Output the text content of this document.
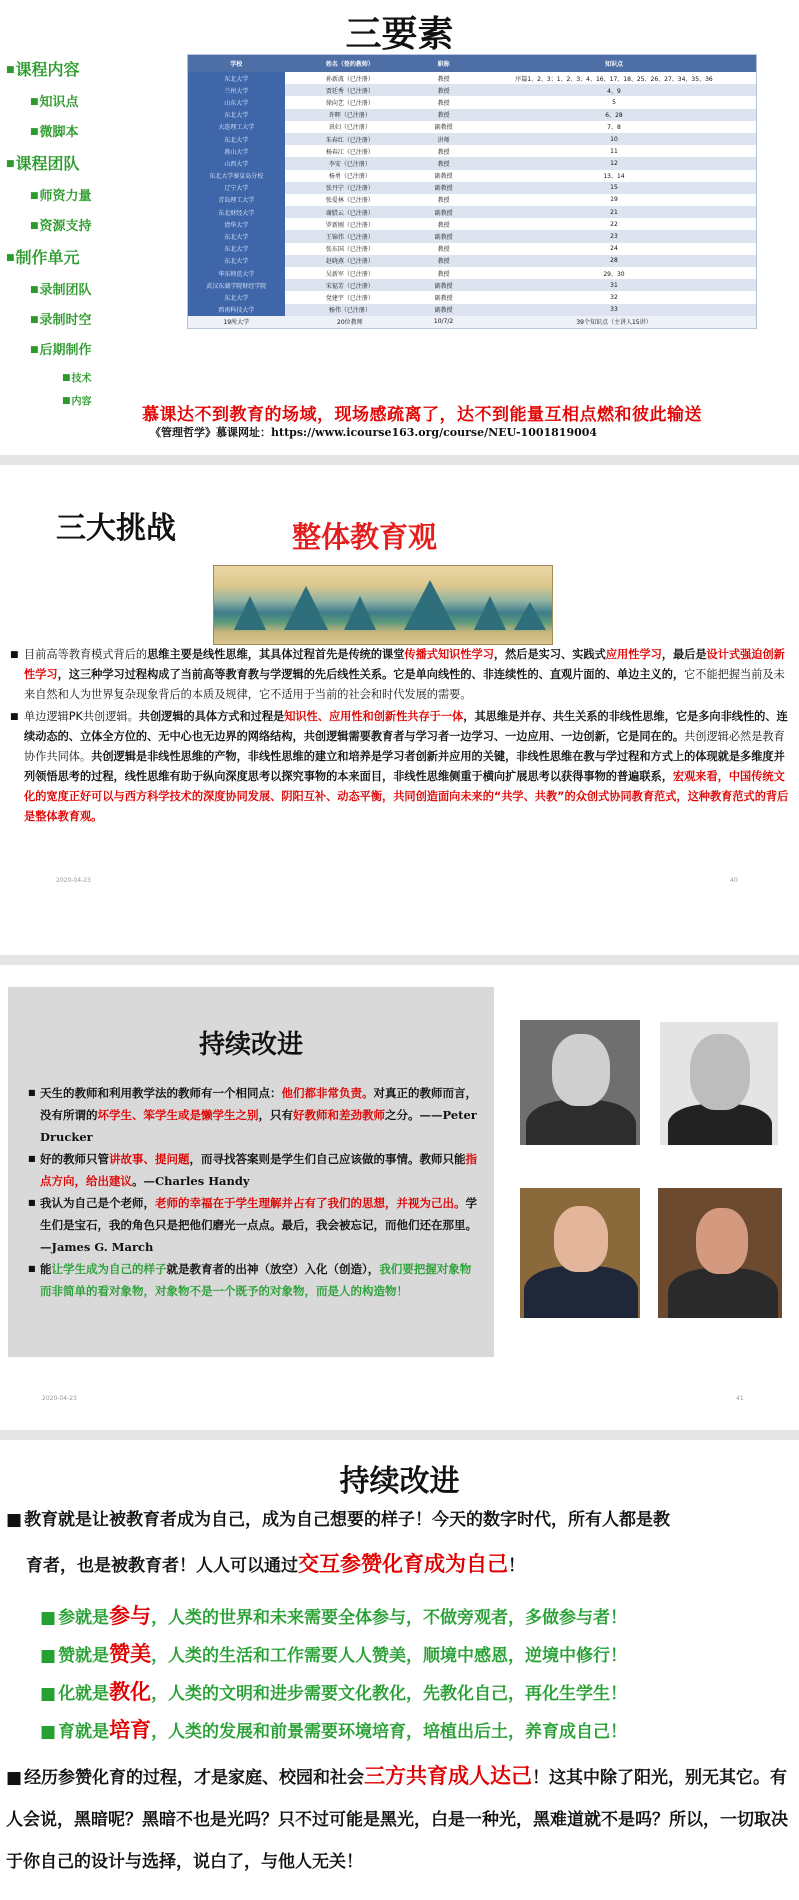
三要素
■ 课程内容
■ 知识点
■ 微脚本
■ 课程团队
■ 师资力量
■ 资源支持
■ 制作单元
■ 录制团队
■ 录制时空
■ 后期制作
■ 技术
■ 内容
学校	姓名（签约教师）	职称	知识点
东北大学	孙新波（已注册）	教授	序篇1、2、3；1、2、3、4、16、17、18、25、26、27、34、35、36
兰州大学	贾廷秀（已注册）	教授	4、9
山东大学	徐向艺（已注册）	教授	5
东北大学	许晖（已注册）	教授	6、28
大连理工大学	讯妇（已注册）	副教授	7、8
东北大学	朱春红（已注册）	讲师	10
燕山大学	杨春江（已注册）	教授	11
山西大学	李安（已注册）	教授	12
东北大学秦皇岛分校	杨勇（已注册）	副教授	13、14
辽宁大学	张丹宁（已注册）	副教授	15
青岛理工大学	张爱林（已注册）	教授	19
东北财经大学	谢腊云（已注册）	副教授	21
清华大学	罗新刚（已注册）	教授	22
东北大学	王锦伟（已注册）	副教授	23
东北大学	张东国（已注册）	教授	24
东北大学	赵晓燕（已注册）	教授	28
华东师范大学	吴新军（已注册）	教授	29、30
武汉东湖学院财经学院	宋福芳（已注册）	副教授	31
东北大学	党建宇（已注册）	副教授	32
西南科技大学	杨伟（已注册）	副教授	33
19所大学	20位教师	10/7/2	39个知识点（主讲人15讲）
慕课达不到教育的场域，现场感疏离了，达不到能量互相点燃和彼此输送
《管理哲学》慕课网址：https://www.icourse163.org/course/NEU-1001819004
三大挑战	整体教育观

■ 目前高等教育模式背后的思维主要是线性思维，其具体过程首先是传统的课堂传播式知识性学习，然后是实习、实践式应用性学习，最后是设计式强迫创新性学习，这三种学习过程构成了当前高等教育教与学逻辑的先后线性关系。它是单向线性的、非连续性的、直观片面的、单边主义的，它不能把握当前及未来自然和人为世界复杂现象背后的本质及规律，它不适用于当前的社会和时代发展的需要。

■ 单边逻辑PK共创逻辑。共创逻辑的具体方式和过程是知识性、应用性和创新性共存于一体，其思维是并存、共生关系的非线性思维，它是多向非线性的、连续动态的、立体全方位的、无中心也无边界的网络结构，共创逻辑需要教育者与学习者一边学习、一边应用、一边创新，它是同在的。共创逻辑必然是教育协作共同体。共创逻辑是非线性思维的产物，非线性思维的建立和培养是学习者创新并应用的关键，非线性思维在教与学过程和方式上的体现就是多维度并列领悟思考的过程，线性思维有助于纵向深度思考以探究事物的本来面目，非线性思维侧重于横向扩展思考以获得事物的普遍联系，宏观来看，中国传统文化的宽度正好可以与西方科学技术的深度协同发展、阴阳互补、动态平衡，共同创造面向未来的“共学、共教”的众创式协同教育范式，这种教育范式的背后是整体教育观。

2020-04-23	40
持续改进

■ 天生的教师和利用教学法的教师有一个相同点：他们都非常负责。对真正的教师而言，没有所谓的坏学生、笨学生或是懒学生之别，只有好教师和差劲教师之分。——Peter Drucker

■ 好的教师只管讲故事、提问题，而寻找答案则是学生们自己应该做的事情。教师只能指点方向，给出建议。—Charles Handy

■ 我认为自己是个老师，老师的幸福在于学生理解并占有了我们的思想，并视为己出。学生们是宝石，我的角色只是把他们磨光一点点。最后，我会被忘记，而他们还在那里。—James G. March

■ 能让学生成为自己的样子就是教育者的出神（放空）入化（创造），我们要把握对象物而非简单的看对象物，对象物不是一个既予的对象物，而是人的构造物！

2020-04-23	41
持续改进
■ 教育就是让被教育者成为自己，成为自己想要的样子！今天的数字时代，所有人都是教
育者，也是被教育者！人人可以通过交互参赞化育成为自己！
■ 参就是参与，人类的世界和未来需要全体参与，不做旁观者，多做参与者！
■ 赞就是赞美，人类的生活和工作需要人人赞美，顺境中感恩，逆境中修行！
■ 化就是教化，人类的文明和进步需要文化教化，先教化自己，再化生学生！
■ 育就是培育，人类的发展和前景需要环境培育，培植出后土，养育成自己！
■ 经历参赞化育的过程，才是家庭、校园和社会三方共育成人达己！这其中除了阳光，别无其它。有人会说，黑暗呢？黑暗不也是光吗？只不过可能是黑光，白是一种光，黑难道就不是吗？所以，一切取决于你自己的设计与选择，说白了，与他人无关！
